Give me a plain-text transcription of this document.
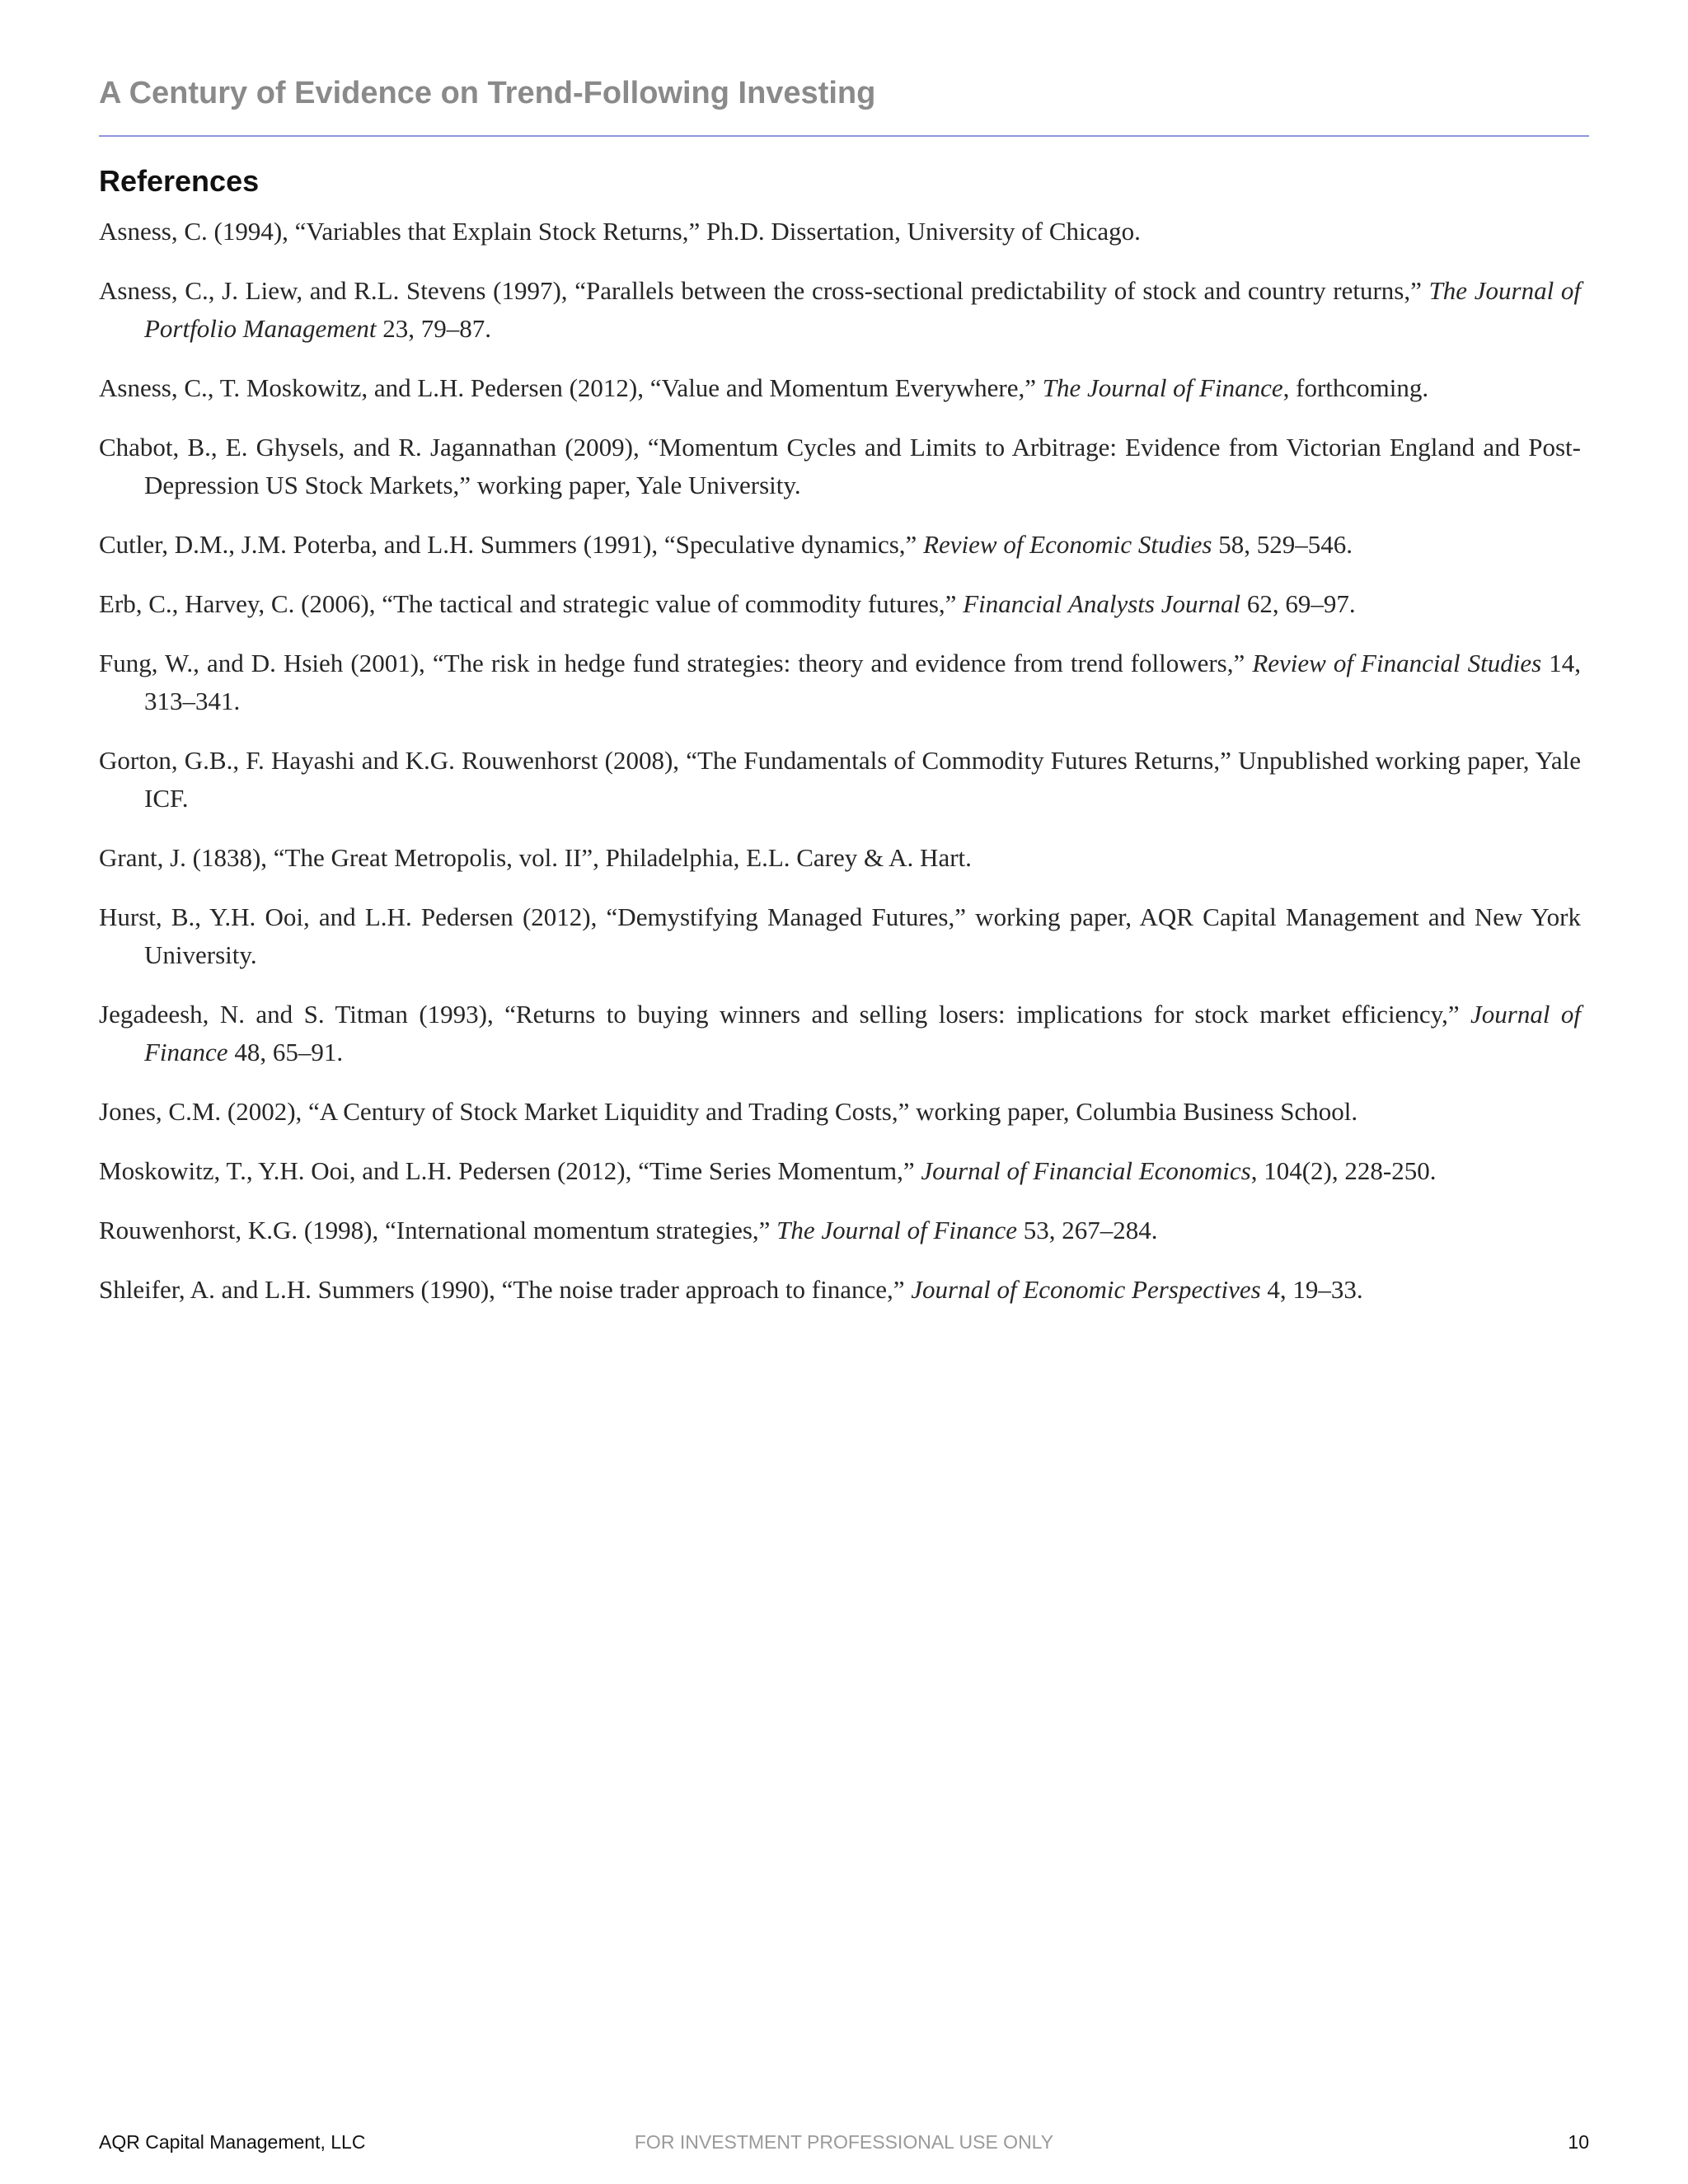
A Century of Evidence on Trend-Following Investing
References
Asness, C. (1994), “Variables that Explain Stock Returns,” Ph.D. Dissertation, University of Chicago.
Asness, C., J. Liew, and R.L. Stevens (1997), “Parallels between the cross-sectional predictability of stock and country returns,” The Journal of Portfolio Management 23, 79–87.
Asness, C., T. Moskowitz, and L.H. Pedersen (2012), “Value and Momentum Everywhere,” The Journal of Finance, forthcoming.
Chabot, B., E. Ghysels, and R. Jagannathan (2009), “Momentum Cycles and Limits to Arbitrage: Evidence from Victorian England and Post-Depression US Stock Markets,” working paper, Yale University.
Cutler, D.M., J.M. Poterba, and L.H. Summers (1991), “Speculative dynamics,” Review of Economic Studies 58, 529–546.
Erb, C., Harvey, C. (2006), “The tactical and strategic value of commodity futures,” Financial Analysts Journal 62, 69–97.
Fung, W., and D. Hsieh (2001), “The risk in hedge fund strategies: theory and evidence from trend followers,” Review of Financial Studies 14, 313–341.
Gorton, G.B., F. Hayashi and K.G. Rouwenhorst (2008), “The Fundamentals of Commodity Futures Returns,” Unpublished working paper, Yale ICF.
Grant, J. (1838), “The Great Metropolis, vol. II”, Philadelphia, E.L. Carey & A. Hart.
Hurst, B., Y.H. Ooi, and L.H. Pedersen (2012), “Demystifying Managed Futures,” working paper, AQR Capital Management and New York University.
Jegadeesh, N. and S. Titman (1993), “Returns to buying winners and selling losers: implications for stock market efficiency,” Journal of Finance 48, 65–91.
Jones, C.M. (2002), “A Century of Stock Market Liquidity and Trading Costs,” working paper, Columbia Business School.
Moskowitz, T., Y.H. Ooi, and L.H. Pedersen (2012), “Time Series Momentum,” Journal of Financial Economics, 104(2), 228-250.
Rouwenhorst, K.G. (1998), “International momentum strategies,” The Journal of Finance 53, 267–284.
Shleifer, A. and L.H. Summers (1990), “The noise trader approach to finance,” Journal of Economic Perspectives 4, 19–33.
AQR Capital Management, LLC	FOR INVESTMENT PROFESSIONAL USE ONLY	10
